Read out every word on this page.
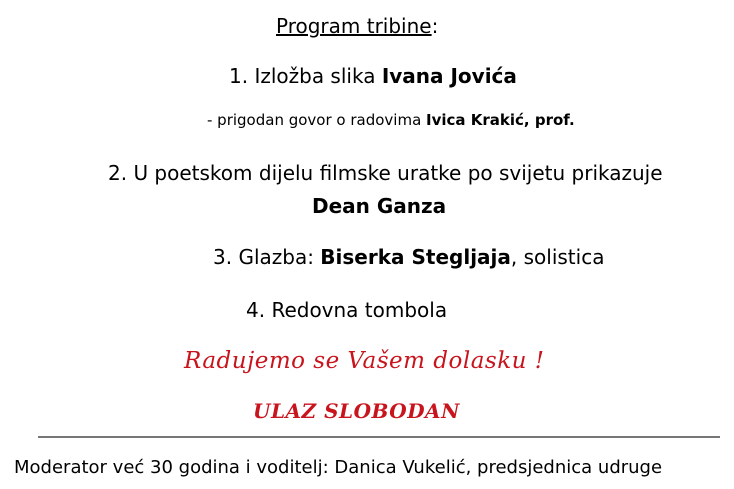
Program tribine:
1. Izložba slika Ivana Jovića
- prigodan govor o radovima Ivica Krakić, prof.
2. U poetskom dijelu filmske uratke po svijetu prikazuje
Dean Ganza
3. Glazba: Biserka Stegljaja, solistica
4. Redovna tombola
Radujemo se Vašem dolasku !
ULAZ SLOBODAN
Moderator već 30 godina i voditelj: Danica Vukelić, predsjednica udruge
